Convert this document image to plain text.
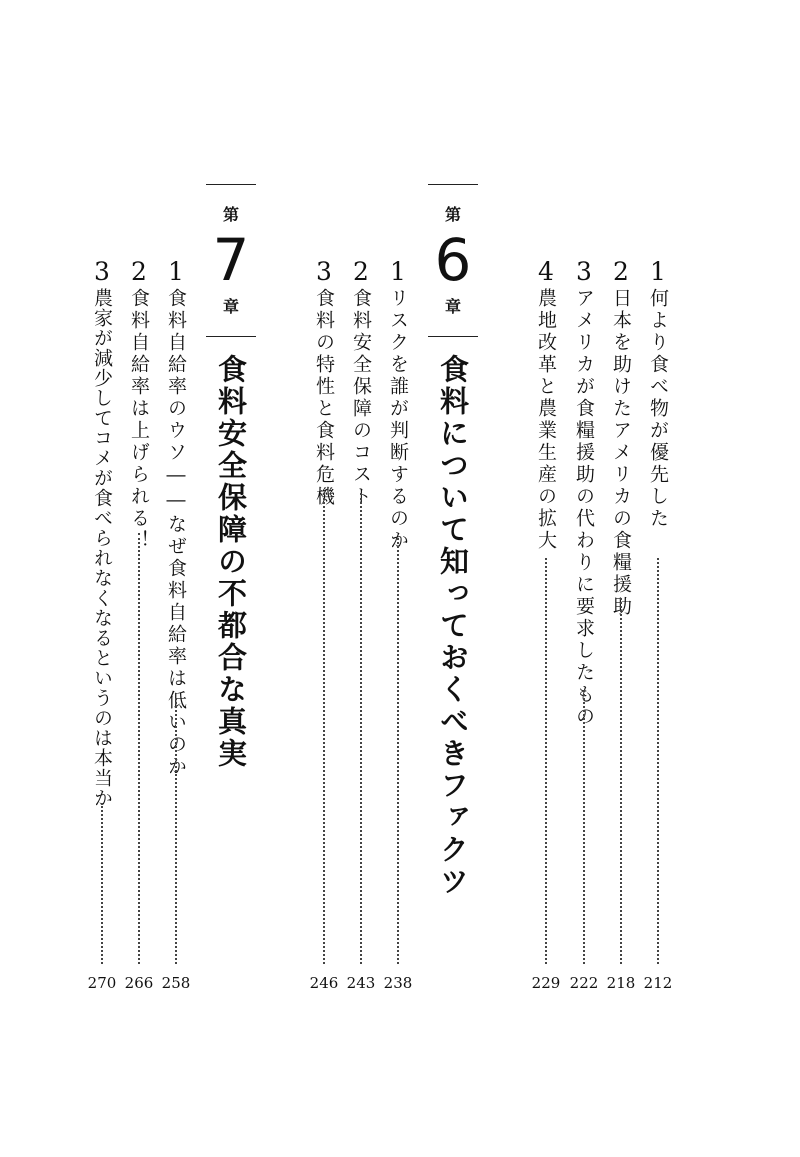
1
何より食べ物が優先した
212
2
日本を助けたアメリカの食糧援助
218
3
アメリカが食糧援助の代わりに要求したもの
222
4
農地改革と農業生産の拡大
229
第
6
章
食料について知っておくべきファクツ
1
リスクを誰が判断するのか
238
2
食料安全保障のコスト
243
3
食料の特性と食料危機
246
第
7
章
食料安全保障の不都合な真実
1
食料自給率のウソ――なぜ食料自給率は低いのか
258
2
食料自給率は上げられる！
266
3
農家が減少してコメが食べられなくなるというのは本当か
270
